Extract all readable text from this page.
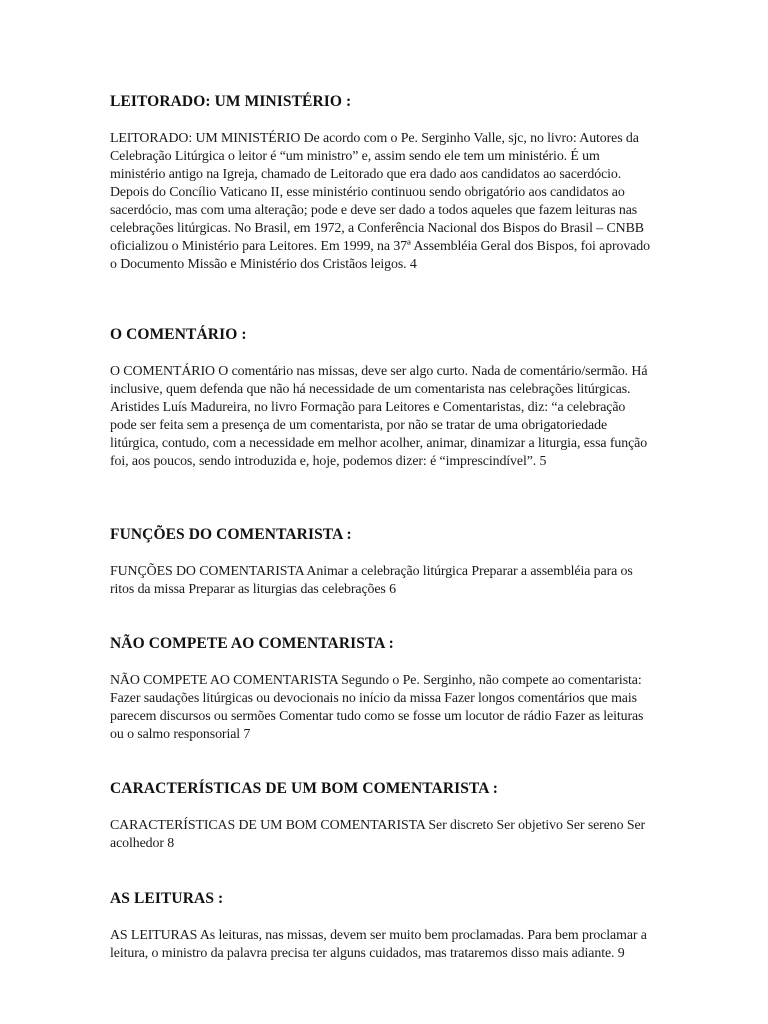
LEITORADO: UM MINISTÉRIO :

LEITORADO: UM MINISTÉRIO De acordo com o Pe. Serginho Valle, sjc, no livro: Autores da Celebração Litúrgica o leitor é “um ministro” e, assim sendo ele tem um ministério. É um ministério antigo na Igreja, chamado de Leitorado que era dado aos candidatos ao sacerdócio. Depois do Concílio Vaticano II, esse ministério continuou sendo obrigatório aos candidatos ao sacerdócio, mas com uma alteração; pode e deve ser dado a todos aqueles que fazem leituras nas celebrações litúrgicas. No Brasil, em 1972, a Conferência Nacional dos Bispos do Brasil – CNBB oficializou o Ministério para Leitores. Em 1999, na 37ª Assembléia Geral dos Bispos, foi aprovado o Documento Missão e Ministério dos Cristãos leigos. 4

O COMENTÁRIO :

O COMENTÁRIO O comentário nas missas, deve ser algo curto. Nada de comentário/sermão. Há inclusive, quem defenda que não há necessidade de um comentarista nas celebrações litúrgicas. Aristides Luís Madureira, no livro Formação para Leitores e Comentaristas, diz: “a celebração pode ser feita sem a presença de um comentarista, por não se tratar de uma obrigatoriedade litúrgica, contudo, com a necessidade em melhor acolher, animar, dinamizar a liturgia, essa função foi, aos poucos, sendo introduzida e, hoje, podemos dizer: é “imprescindível”. 5

FUNÇÕES DO COMENTARISTA :

FUNÇÕES DO COMENTARISTA Animar a celebração litúrgica Preparar a assembléia para os ritos da missa Preparar as liturgias das celebrações 6

NÃO COMPETE AO COMENTARISTA :

NÃO COMPETE AO COMENTARISTA Segundo o Pe. Serginho, não compete ao comentarista: Fazer saudações litúrgicas ou devocionais no início da missa Fazer longos comentários que mais parecem discursos ou sermões Comentar tudo como se fosse um locutor de rádio Fazer as leituras ou o salmo responsorial 7

CARACTERÍSTICAS DE UM BOM COMENTARISTA :

CARACTERÍSTICAS DE UM BOM COMENTARISTA Ser discreto Ser objetivo Ser sereno Ser acolhedor 8

AS LEITURAS :

AS LEITURAS As leituras, nas missas, devem ser muito bem proclamadas. Para bem proclamar a leitura, o ministro da palavra precisa ter alguns cuidados, mas trataremos disso mais adiante. 9
